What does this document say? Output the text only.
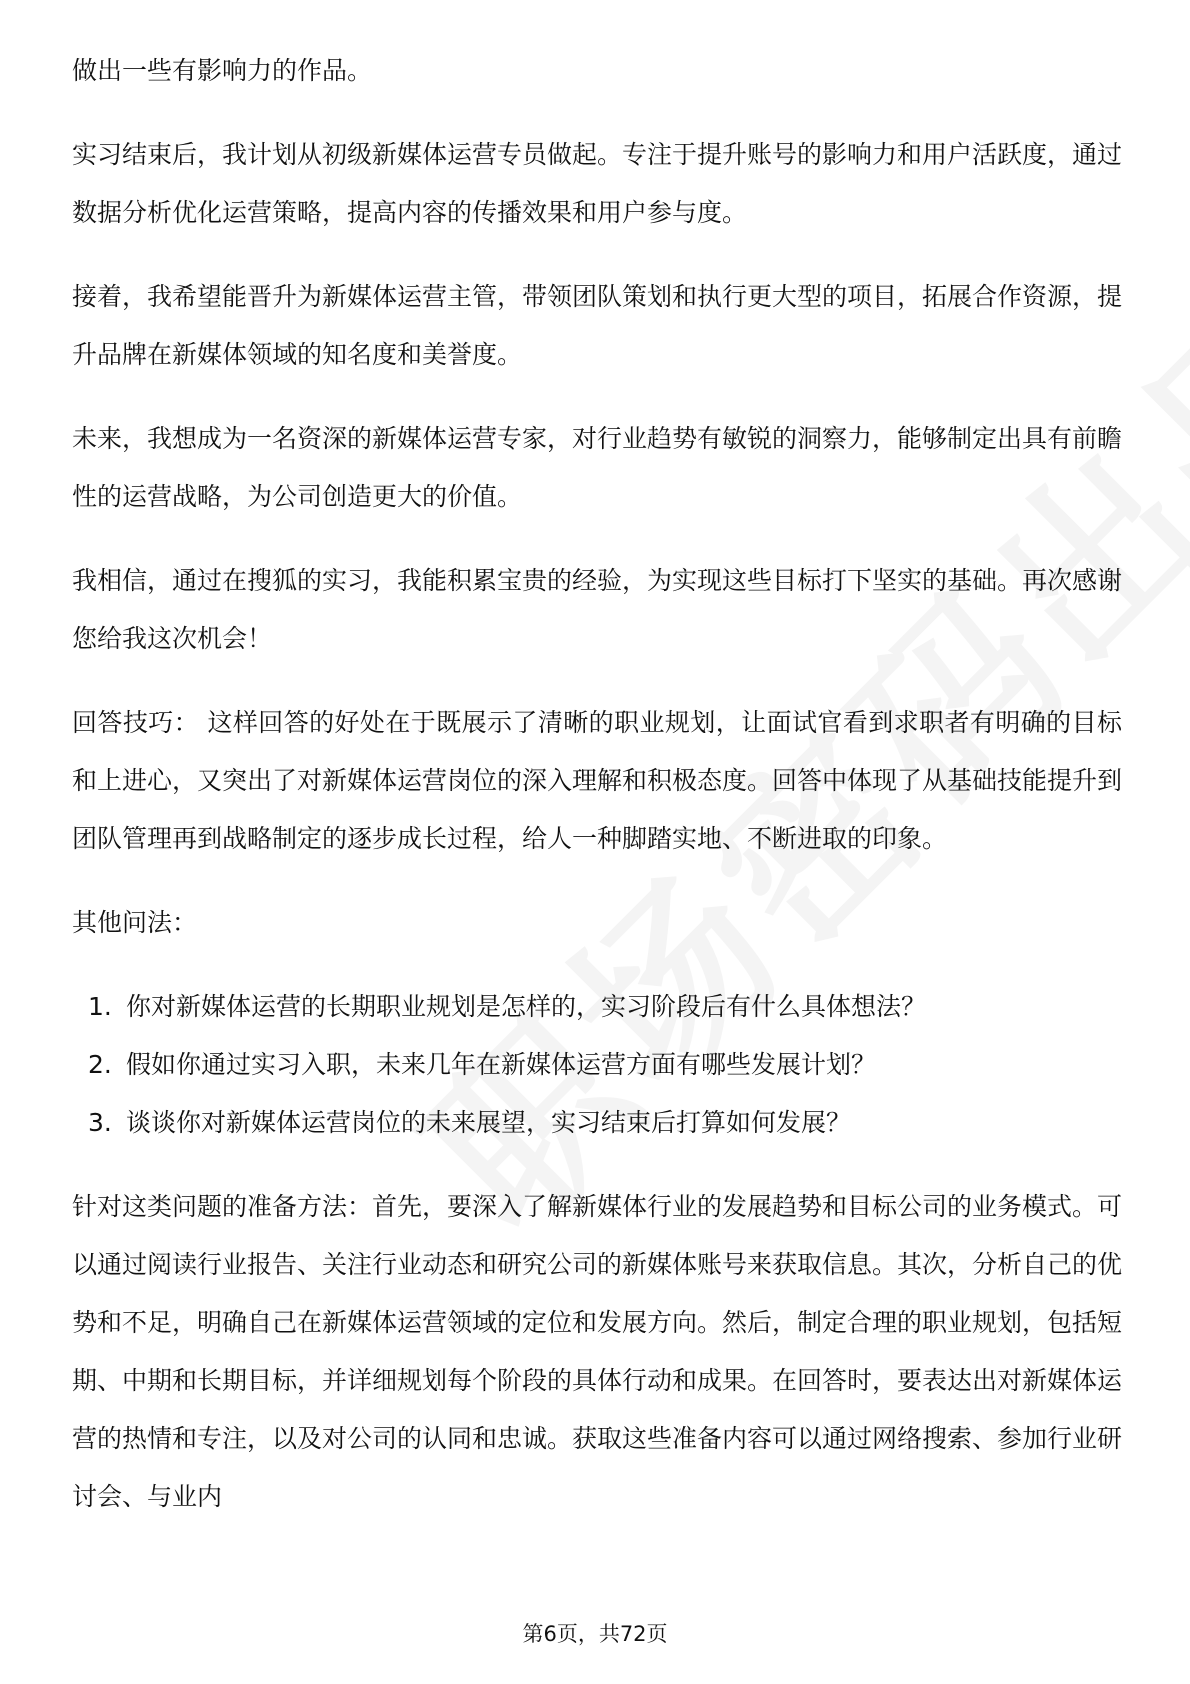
做出一些有影响力的作品。

实习结束后，我计划从初级新媒体运营专员做起。专注于提升账号的影响力和用户活跃度，通过数据分析优化运营策略，提高内容的传播效果和用户参与度。

接着，我希望能晋升为新媒体运营主管，带领团队策划和执行更大型的项目，拓展合作资源，提升品牌在新媒体领域的知名度和美誉度。

未来，我想成为一名资深的新媒体运营专家，对行业趋势有敏锐的洞察力，能够制定出具有前瞻性的运营战略，为公司创造更大的价值。

我相信，通过在搜狐的实习，我能积累宝贵的经验，为实现这些目标打下坚实的基础。再次感谢您给我这次机会！

回答技巧： 这样回答的好处在于既展示了清晰的职业规划，让面试官看到求职者有明确的目标和上进心，又突出了对新媒体运营岗位的深入理解和积极态度。回答中体现了从基础技能提升到团队管理再到战略制定的逐步成长过程，给人一种脚踏实地、不断进取的印象。

其他问法：

1. 你对新媒体运营的长期职业规划是怎样的，实习阶段后有什么具体想法？
2. 假如你通过实习入职，未来几年在新媒体运营方面有哪些发展计划？
3. 谈谈你对新媒体运营岗位的未来展望，实习结束后打算如何发展？

针对这类问题的准备方法：首先，要深入了解新媒体行业的发展趋势和目标公司的业务模式。可以通过阅读行业报告、关注行业动态和研究公司的新媒体账号来获取信息。其次，分析自己的优势和不足，明确自己在新媒体运营领域的定位和发展方向。然后，制定合理的职业规划，包括短期、中期和长期目标，并详细规划每个阶段的具体行动和成果。在回答时，要表达出对新媒体运营的热情和专注，以及对公司的认同和忠诚。获取这些准备内容可以通过网络搜索、参加行业研讨会、与业内

第6页，共72页
